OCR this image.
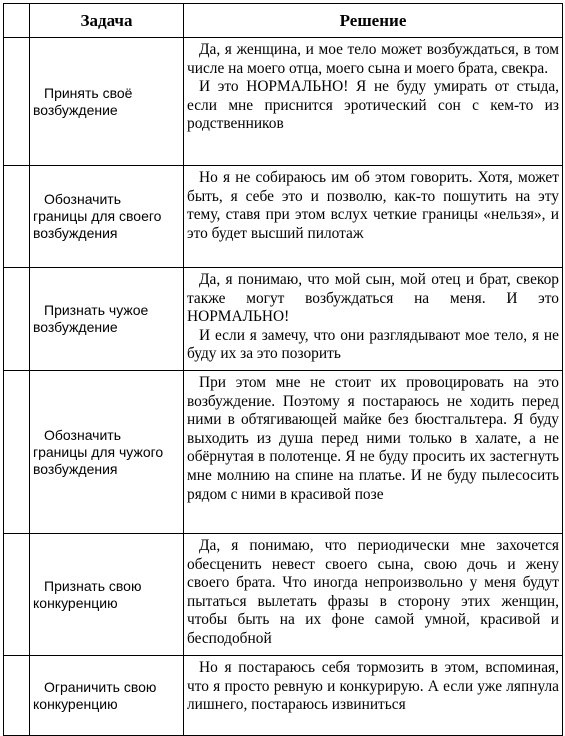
	Задача	Решение
	Принять своё возбуждение	Да, я женщина, и мое тело может возбуждаться, в том числе на моего отца, моего сына и моего брата, свекра.

И это НОРМАЛЬНО! Я не буду умирать от стыда, если мне приснится эротический сон с кем-то из родственников

	Обозначить границы для своего возбуждения	Но я не собираюсь им об этом говорить. Хотя, может быть, я себе это и позволю, как-то пошутить на эту тему, ставя при этом вслух четкие границы «нельзя», и это будет высший пилотаж

	Признать чужое возбуждение	Да, я понимаю, что мой сын, мой отец и брат, свекор также могут возбуждаться на меня. И это НОРМАЛЬНО!

И если я замечу, что они разглядывают мое тело, я не буду их за это позорить

	Обозначить границы для чужого возбуждения	При этом мне не стоит их провоцировать на это возбуждение. Поэтому я постараюсь не ходить перед ними в обтягивающей майке без бюстгальтера. Я буду выходить из душа перед ними только в халате, а не обёрнутая в полотенце. Я не буду просить их застегнуть мне молнию на спине на платье. И не буду пылесосить рядом с ними в красивой позе

	Признать свою конкуренцию	Да, я понимаю, что периодически мне захочется обесценить невест своего сына, свою дочь и жену своего брата. Что иногда непроизвольно у меня будут пытаться вылетать фразы в сторону этих женщин, чтобы быть на их фоне самой умной, красивой и бесподобной

	Ограничить свою конкуренцию	Но я постараюсь себя тормозить в этом, вспоминая, что я просто ревную и конкурирую. А если уже ляпнула лишнего, постараюсь извиниться
